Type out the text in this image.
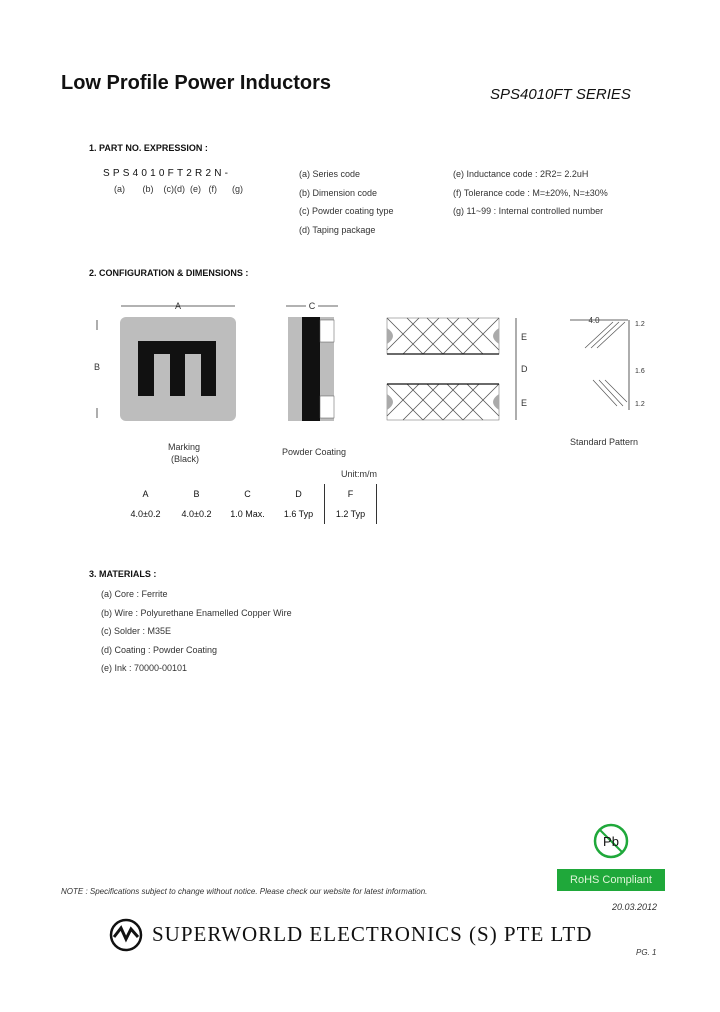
Low Profile Power Inductors
SPS4010FT SERIES
1. PART NO. EXPRESSION :
SPS4010FT2R2N-
(a)       (b)    (c)(d)  (e)   (f)      (g)
(a) Series code
(b) Dimension code
(c) Powder coating type
(d) Taping package
(e) Inductance code : 2R2= 2.2uH
(f) Tolerance code : M=±20%, N=±30%
(g) 11~99 : Internal controlled number
2. CONFIGURATION & DIMENSIONS :
A
B
Marking
(Black)
C
Powder Coating
E
D
E
4.0	1.2
1.6
1.2
Standard Pattern
Unit:m/m
A	B	C	D	F
4.0±0.2	4.0±0.2	1.0 Max.	1.6 Typ	1.2 Typ
3. MATERIALS :
(a) Core : Ferrite
(b) Wire : Polyurethane Enamelled Copper Wire
(c) Solder : M35E
(d) Coating : Powder Coating
(e) Ink : 70000-00101
Pb
RoHS Compliant
NOTE : Specifications subject to change without notice. Please check our website for latest information.
20.03.2012
SUPERWORLD ELECTRONICS (S) PTE LTD
PG. 1
